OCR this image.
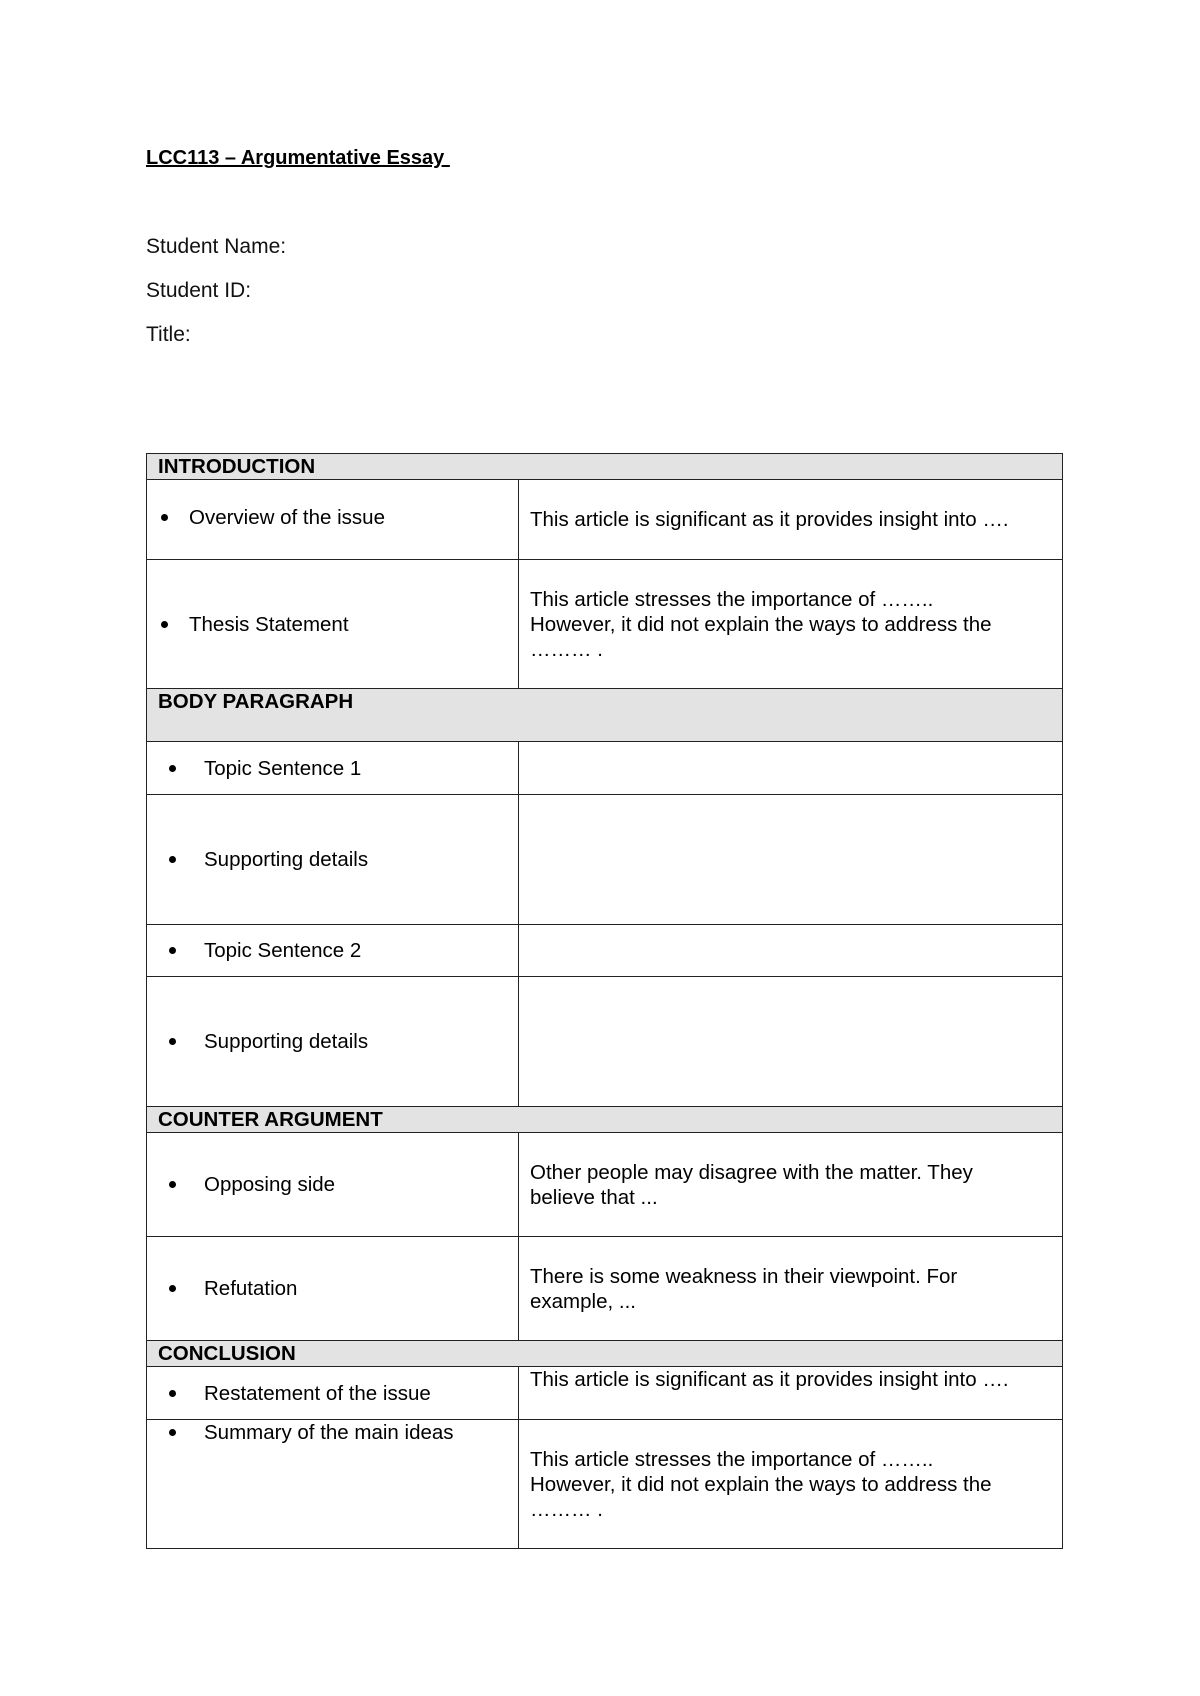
LCC113 – Argumentative Essay
Student Name:
Student ID:
Title:
INTRODUCTION	

Overview of the issue	This article is significant as it provides insight into ….

Thesis Statement	This article stresses the importance of ……..
However, it did not explain the ways to address the
……… .

BODY PARAGRAPH	

Topic Sentence 1	

Supporting details	

Topic Sentence 2	

Supporting details	

COUNTER ARGUMENT	

Opposing side	Other people may disagree with the matter. They
believe that ...

Refutation	There is some weakness in their viewpoint. For
example, ...

CONCLUSION	

Restatement of the issue	This article is significant as it provides insight into ….

Summary of the main ideas	This article stresses the importance of ……..
However, it did not explain the ways to address the
……… .
